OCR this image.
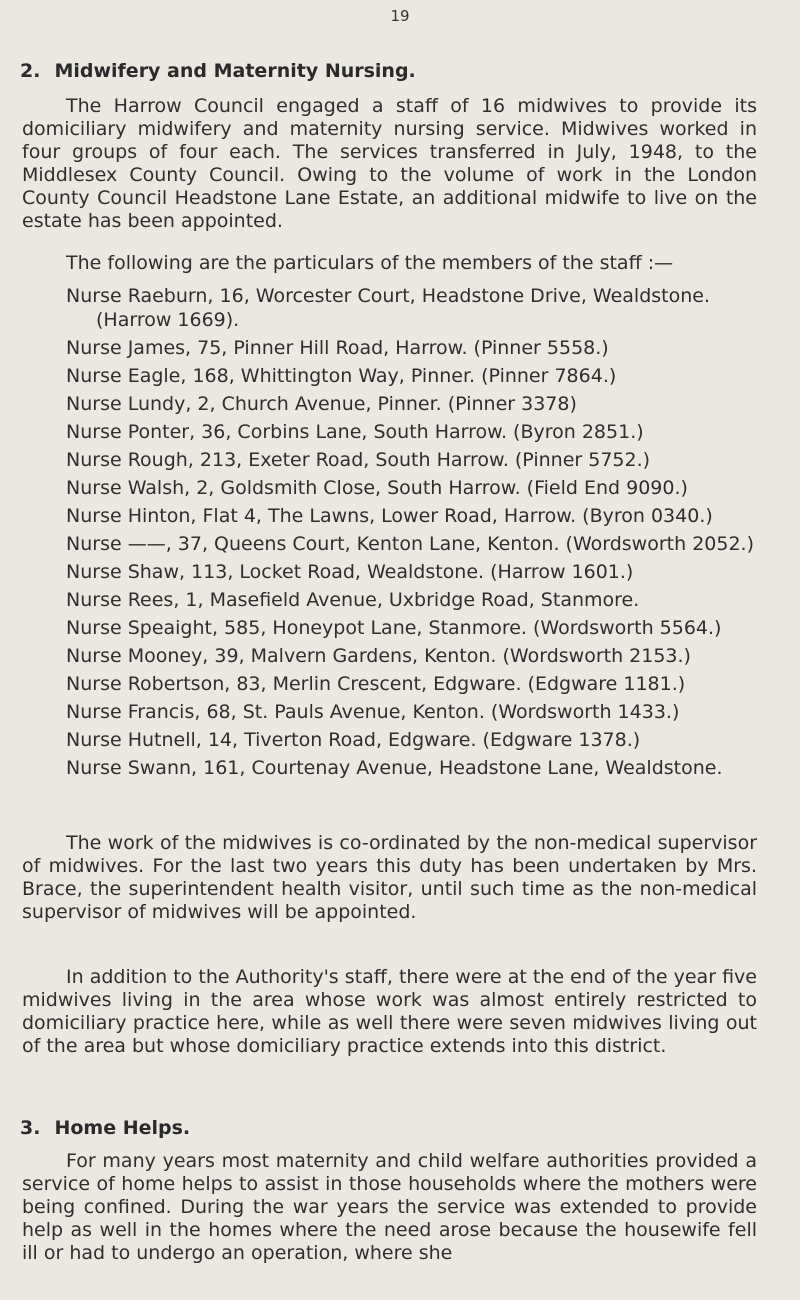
19
2. Midwifery and Maternity Nursing.

The Harrow Council engaged a staff of 16 midwives to provide its domiciliary midwifery and maternity nursing service. Midwives worked in four groups of four each. The services transferred in July, 1948, to the Middlesex County Council. Owing to the volume of work in the London County Council Headstone Lane Estate, an additional midwife to live on the estate has been appointed.

The following are the particulars of the members of the staff :—
Nurse Raeburn, 16, Worcester Court, Headstone Drive, Wealdstone. (Harrow 1669).
Nurse James, 75, Pinner Hill Road, Harrow. (Pinner 5558.)
Nurse Eagle, 168, Whittington Way, Pinner. (Pinner 7864.)
Nurse Lundy, 2, Church Avenue, Pinner. (Pinner 3378)
Nurse Ponter, 36, Corbins Lane, South Harrow. (Byron 2851.)
Nurse Rough, 213, Exeter Road, South Harrow. (Pinner 5752.)
Nurse Walsh, 2, Goldsmith Close, South Harrow. (Field End 9090.)
Nurse Hinton, Flat 4, The Lawns, Lower Road, Harrow. (Byron 0340.)
Nurse ——, 37, Queens Court, Kenton Lane, Kenton. (Wordsworth 2052.)
Nurse Shaw, 113, Locket Road, Wealdstone. (Harrow 1601.)
Nurse Rees, 1, Masefield Avenue, Uxbridge Road, Stanmore.
Nurse Speaight, 585, Honeypot Lane, Stanmore. (Wordsworth 5564.)
Nurse Mooney, 39, Malvern Gardens, Kenton. (Wordsworth 2153.)
Nurse Robertson, 83, Merlin Crescent, Edgware. (Edgware 1181.)
Nurse Francis, 68, St. Pauls Avenue, Kenton. (Wordsworth 1433.)
Nurse Hutnell, 14, Tiverton Road, Edgware. (Edgware 1378.)
Nurse Swann, 161, Courtenay Avenue, Headstone Lane, Wealdstone.

The work of the midwives is co-ordinated by the non-medical supervisor of midwives. For the last two years this duty has been undertaken by Mrs. Brace, the superintendent health visitor, until such time as the non-medical supervisor of midwives will be appointed.

In addition to the Authority's staff, there were at the end of the year five midwives living in the area whose work was almost entirely restricted to domiciliary practice here, while as well there were seven midwives living out of the area but whose domiciliary practice extends into this district.

3. Home Helps.

For many years most maternity and child welfare authorities provided a service of home helps to assist in those households where the mothers were being confined. During the war years the service was extended to provide help as well in the homes where the need arose because the housewife fell ill or had to undergo an operation, where she
